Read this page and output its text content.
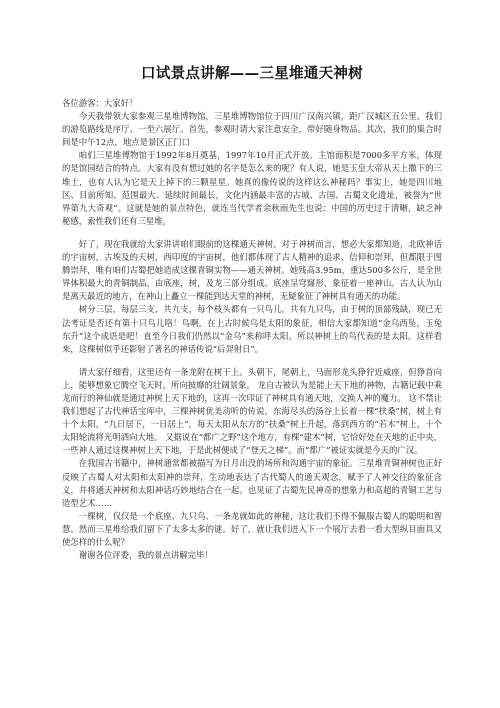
口试景点讲解——三星堆通天神树

各位游客：大家好！

今天我带领大家参观三星堆博物馆，三星堆博物馆位于四川广汉南兴镇，距广汉城区五公里。我们的游览路线是序厅、一至六展厅。首先，参观时请大家注意安全，带好随身物品。其次，我们的集合时间是中午12点，地点是景区正门口

咱们三星堆博物馆于1992年8月奠基，1997年10月正式开放。主馆面积是7000多平方米，体现的是馆园结合的特点。大家有没有想过她的名字是怎么来的呢？有人说，她是玉皇大帝从天上撒下的三堆土，也有人认为它是天上掉下的三颗星星。她真的像传说的这样这么神秘吗？事实上，她是四川地区、目前所知、范围最大、延续时间最长，文化内涵最丰富的古城、古国、古蜀文化遗址，被誉为“世界第九大奇观”。这就是她的景点特色，就连当代学者余秋雨先生也说：中国的历史过于清晰，缺乏神秘感，索性我们还有三星堆。

好了，现在我就给大家讲讲咱们眼前的这棵通天神树。对于神树而言，想必大家都知道，北欧神话的宇宙树，古埃及的天树，西印度的宇宙树，他们都体现了古人精神的追求、信仰和崇拜，但都限于图腾崇拜，唯有咱们古蜀把她造成这棵青铜实物——通天神树。她残高3.95m，重达500多公斤，是全世界体积最大的青铜制品。由底座，树，及龙三部分组成。底座呈穹窿形，象征着一座神山。古人认为山是离天最近的地方，在神山上矗立一棵能到达天堂的神树，无疑象征了神树具有通天的功能。

树分三层，每层三支，共九支，每个枝头都有一只鸟儿，共有九只鸟，由于树的顶部残缺，现已无法考证是否还有第十只鸟儿咯！鸟啊，在上古时候鸟是太阳的象征，相信大家都知道“金乌西坠，玉兔东升”这个成语是吧！直至今日我们仍然以“金乌”来称呼太阳。所以神树上的鸟代表的是太阳。这样看来，这棵树似乎还影射了著名的神话传说“后羿射日”。

请大家仔细看，这里还有一条龙附在树干上。头朝下，尾朝上，马面形龙头狰狞近威座，但狰首向上，能够想象它腾空飞天时，所向披靡的壮阔景象。 龙自古被认为是能上天下地的神物，古籍记载中乘龙而行的神仙就是通过神树上天下地的，这再一次印证了神树具有通天地，交换人神的魔力。 这不禁让我们想起了古代神话宝库中，三棵神树优美动听的传说，东海尽头的汤谷上长着一棵“扶桑”树，树上有十个太阳，“九日居下，一日居上”，每天太阳从东方的“扶桑”树上升起，落到西方的“若木”树上，十个太阳轮流将光明洒向大地。 又据说在“都广之野”这个地方，有棵“建木”树，它恰好处在天地的正中央，一些神人通过这棵神树上天下地，于是此树便成了“登天之梯”。而“都广”被证实就是今天的广汉。

在我国古书籍中，神树通常都被描写为日月出没的场所和沟通宇宙的象征。三星堆青铜神树也正好反映了古蜀人对太阳和太阳神的崇拜，生动地表达了古代蜀人的通天观念，赋予了人神交往的象征含义，并将通天神树和太阳神话巧妙地结合在一起。也见证了古蜀先民神奇的想象力和高超的青铜工艺与造型艺术……

一棵树，仅仅是一个底座、九只鸟、一条龙就如此的神秘，这让我们不得不佩服古蜀人的聪明和智慧。然而三星堆给我们留下了太多太多的谜。好了，就让我们进入下一个展厅去看一看大型纵目面具又使怎样的什么呢？

谢谢各位评委，我的景点讲解完毕！
